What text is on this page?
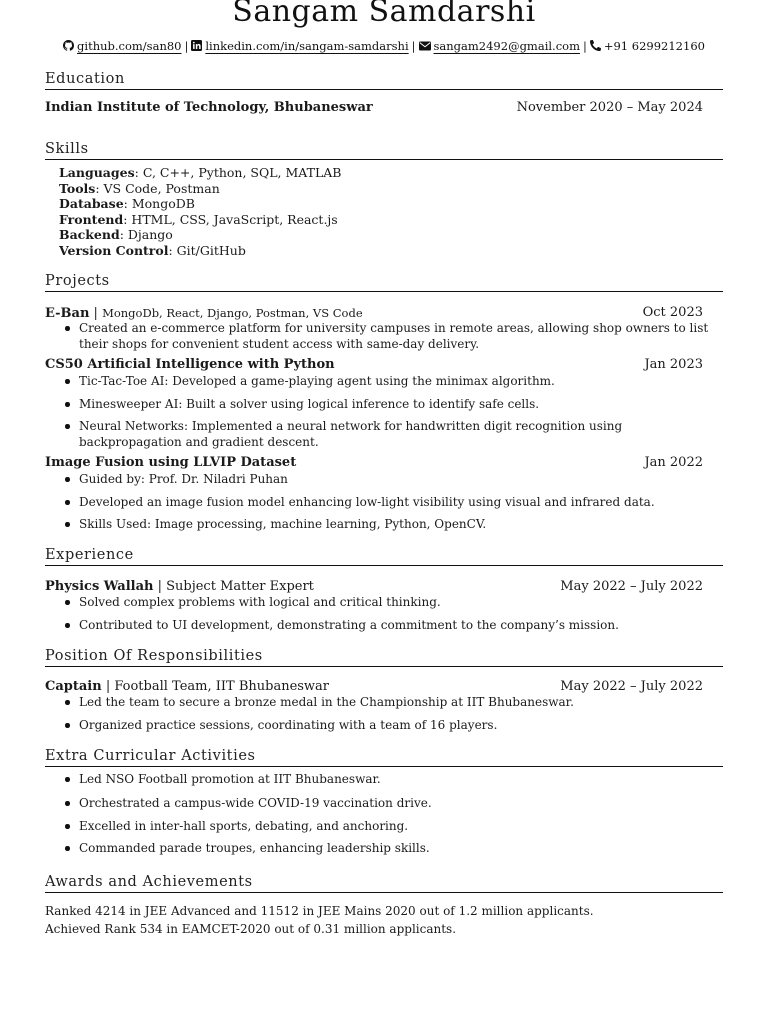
Sangam Samdarshi
github.com/san80 | linkedin.com/in/sangam-samdarshi | sangam2492@gmail.com | +91 6299212160
Education
Indian Institute of Technology, Bhubaneswar	November 2020 – May 2024
Skills
Languages: C, C++, Python, SQL, MATLAB
Tools: VS Code, Postman
Database: MongoDB
Frontend: HTML, CSS, JavaScript, React.js
Backend: Django
Version Control: Git/GitHub
Projects
E-Ban | MongoDb, React, Django, Postman, VS Code	Oct 2023
Created an e-commerce platform for university campuses in remote areas, allowing shop owners to list their shops for convenient student access with same-day delivery.
CS50 Artificial Intelligence with Python	Jan 2023
Tic-Tac-Toe AI: Developed a game-playing agent using the minimax algorithm.
Minesweeper AI: Built a solver using logical inference to identify safe cells.
Neural Networks: Implemented a neural network for handwritten digit recognition using backpropagation and gradient descent.
Image Fusion using LLVIP Dataset	Jan 2022
Guided by: Prof. Dr. Niladri Puhan
Developed an image fusion model enhancing low-light visibility using visual and infrared data.
Skills Used: Image processing, machine learning, Python, OpenCV.
Experience
Physics Wallah | Subject Matter Expert	May 2022 – July 2022
Solved complex problems with logical and critical thinking.
Contributed to UI development, demonstrating a commitment to the company’s mission.
Position Of Responsibilities
Captain | Football Team, IIT Bhubaneswar	May 2022 – July 2022
Led the team to secure a bronze medal in the Championship at IIT Bhubaneswar.
Organized practice sessions, coordinating with a team of 16 players.
Extra Curricular Activities
Led NSO Football promotion at IIT Bhubaneswar.
Orchestrated a campus-wide COVID-19 vaccination drive.
Excelled in inter-hall sports, debating, and anchoring.
Commanded parade troupes, enhancing leadership skills.
Awards and Achievements
Ranked 4214 in JEE Advanced and 11512 in JEE Mains 2020 out of 1.2 million applicants.
Achieved Rank 534 in EAMCET-2020 out of 0.31 million applicants.
